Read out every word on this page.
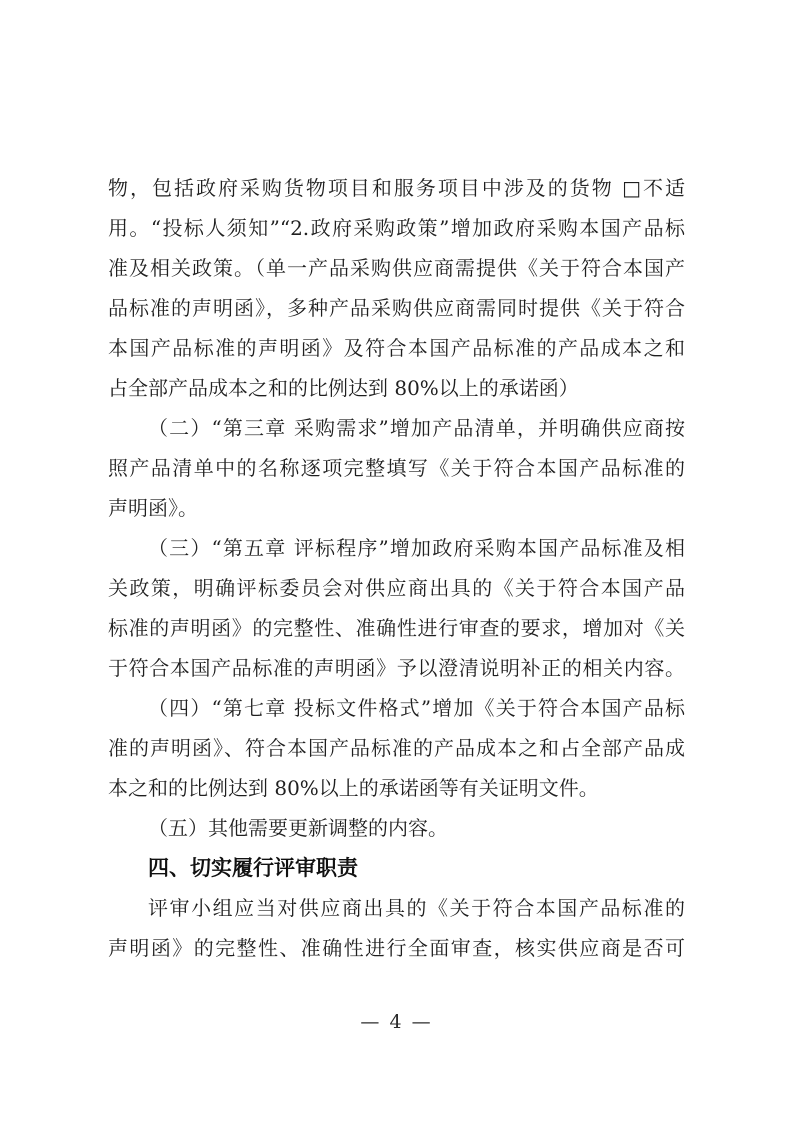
物，包括政府采购货物项目和服务项目中涉及的货物 □不适
用。“投标人须知”“2.政府采购政策”增加政府采购本国产品标
准及相关政策。（单一产品采购供应商需提供《关于符合本国产
品标准的声明函》，多种产品采购供应商需同时提供《关于符合
本国产品标准的声明函》及符合本国产品标准的产品成本之和
占全部产品成本之和的比例达到 80%以上的承诺函）
（二）“第三章 采购需求”增加产品清单，并明确供应商按
照产品清单中的名称逐项完整填写《关于符合本国产品标准的
声明函》。
（三）“第五章 评标程序”增加政府采购本国产品标准及相
关政策，明确评标委员会对供应商出具的《关于符合本国产品
标准的声明函》的完整性、准确性进行审查的要求，增加对《关
于符合本国产品标准的声明函》予以澄清说明补正的相关内容。
（四）“第七章 投标文件格式”增加《关于符合本国产品标
准的声明函》、符合本国产品标准的产品成本之和占全部产品成
本之和的比例达到 80%以上的承诺函等有关证明文件。
（五）其他需要更新调整的内容。
四、切实履行评审职责
评审小组应当对供应商出具的《关于符合本国产品标准的
声明函》的完整性、准确性进行全面审查，核实供应商是否可
— 4 —
